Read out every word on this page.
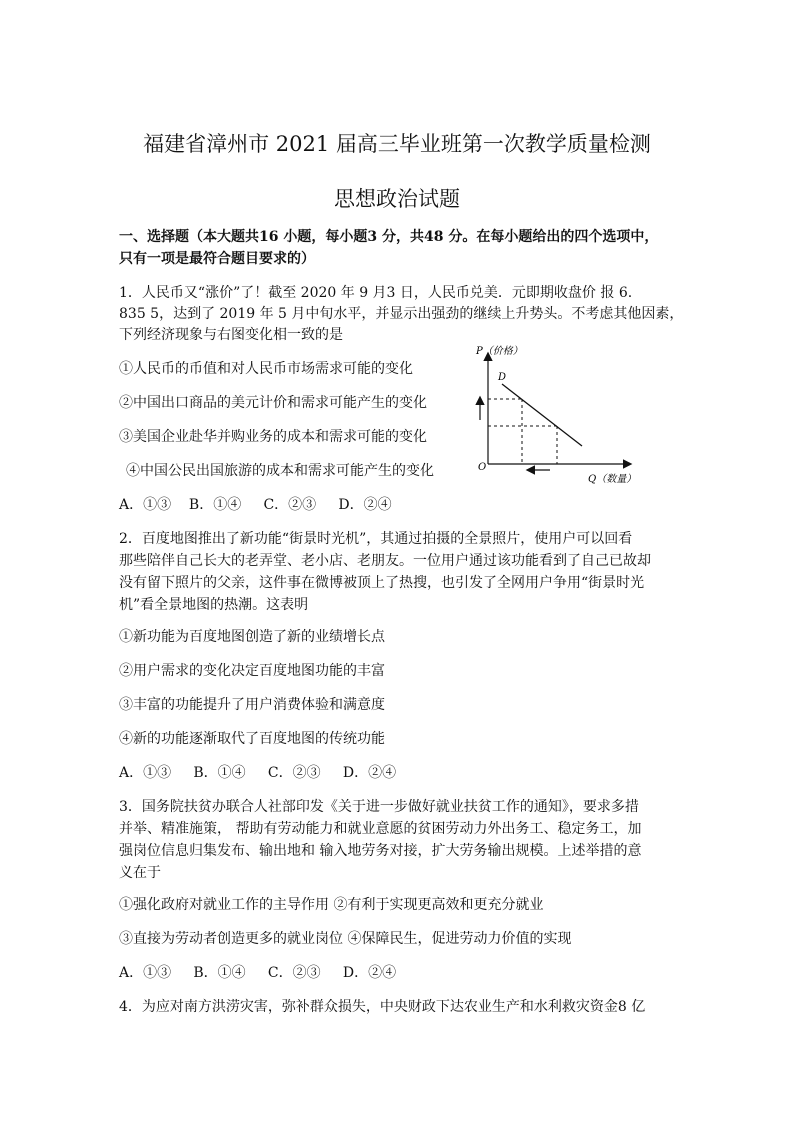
福建省漳州市 2021 届高三毕业班第一次教学质量检测
思想政治试题
一、选择题（本大题共16 小题，每小题3 分，共48 分。在每小题给出的四个选项中，
只有一项是最符合题目要求的）
1．人民币又“涨价”了！截至 2020 年 9 月3 日，人民币兑美．元即期收盘价 报 6.
835 5，达到了 2019 年 5 月中旬水平，并显示出强劲的继续上升势头。不考虑其他因素，
下列经济现象与右图变化相一致的是
①人民币的币值和对人民币市场需求可能的变化
②中国出口商品的美元计价和需求可能产生的变化
③美国企业赴华并购业务的成本和需求可能的变化
④中国公民出国旅游的成本和需求可能产生的变化
A．①③    B．①④     C．②③     D．②④
P（价格）
D
O
Q（数量）
2．百度地图推出了新功能“街景时光机”，其通过拍摄的全景照片，使用户可以回看
那些陪伴自己长大的老弄堂、老小店、老朋友。一位用户通过该功能看到了自己已故却
没有留下照片的父亲，这件事在微博被顶上了热搜，也引发了全网用户争用“街景时光
机”看全景地图的热潮。这表明
①新功能为百度地图创造了新的业绩增长点
②用户需求的变化决定百度地图功能的丰富
③丰富的功能提升了用户消费体验和满意度
④新的功能逐渐取代了百度地图的传统功能
A．①③     B．①④     C．②③     D．②④
3．国务院扶贫办联合人社部印发《关于进一步做好就业扶贫工作的通知》，要求多措
并举、精准施策， 帮助有劳动能力和就业意愿的贫困劳动力外出务工、稳定务工，加
强岗位信息归集发布、输出地和 输入地劳务对接，扩大劳务输出规模。上述举措的意
义在于
①强化政府对就业工作的主导作用 ②有利于实现更高效和更充分就业
③直接为劳动者创造更多的就业岗位 ④保障民生，促进劳动力价值的实现
A．①③     B．①④     C．②③     D．②④
4．为应对南方洪涝灾害，弥补群众损失，中央财政下达农业生产和水利救灾资金8 亿
